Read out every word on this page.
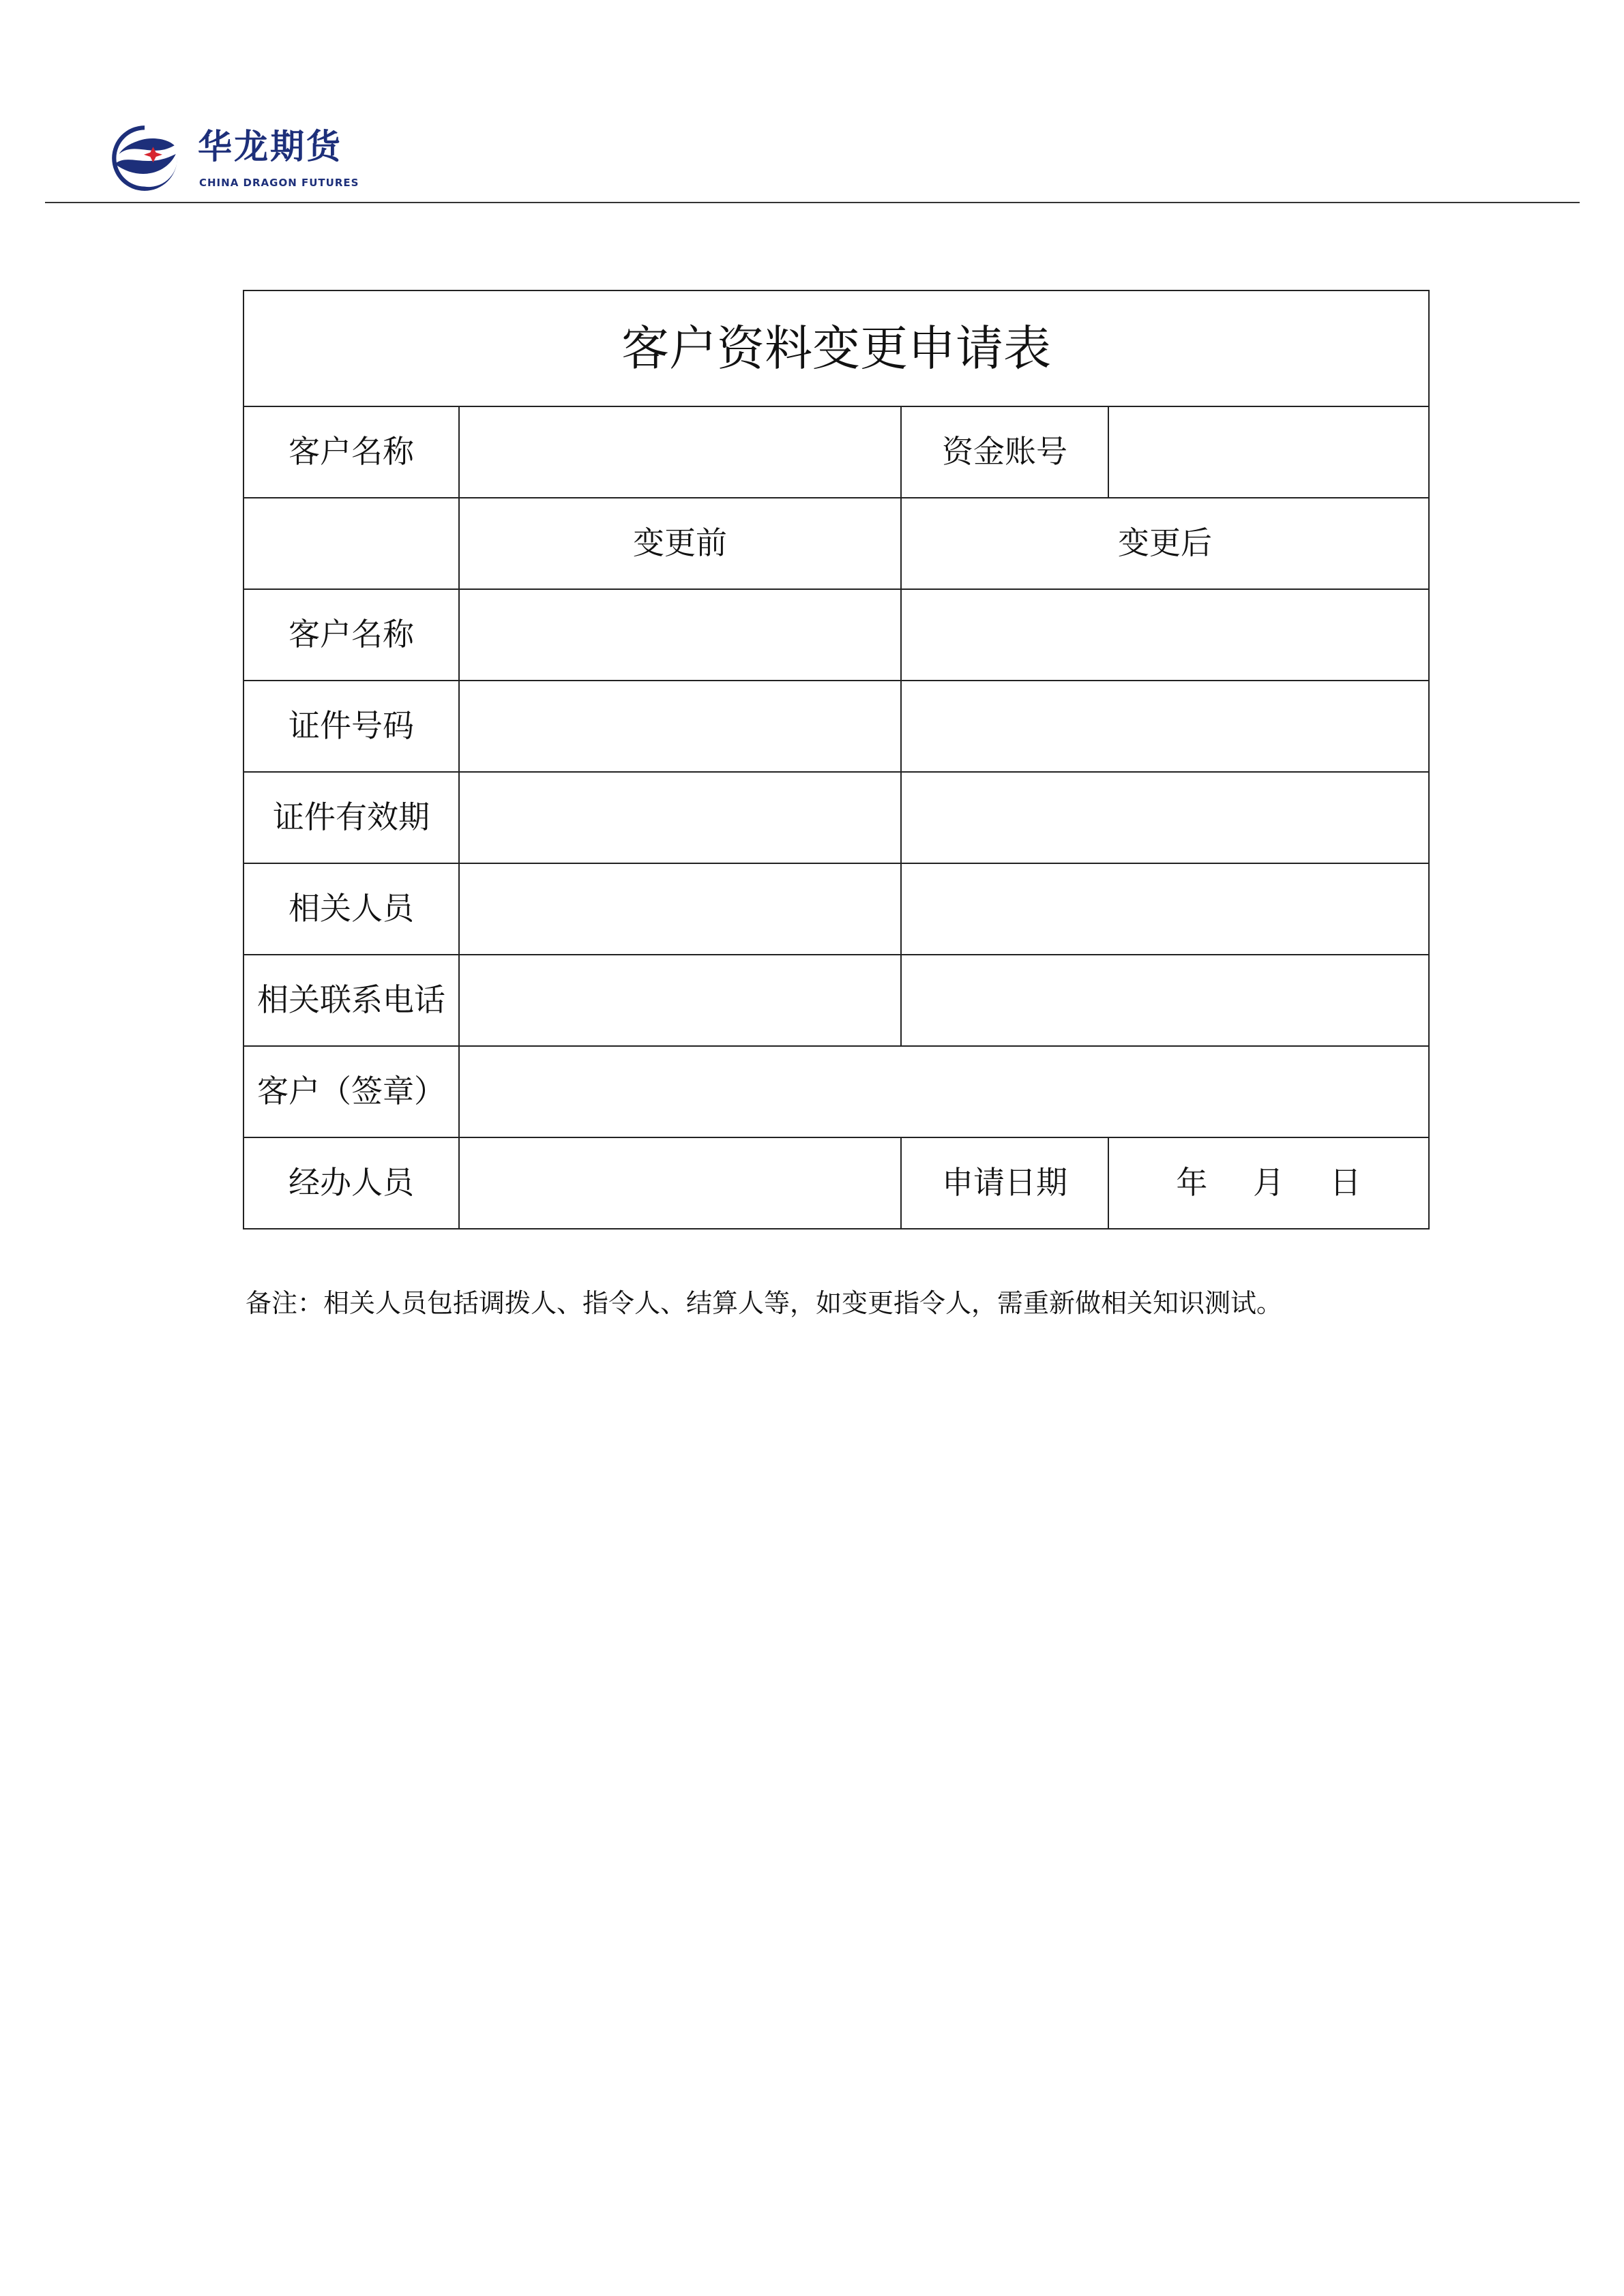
华龙期货
CHINA DRAGON FUTURES
客户资料变更申请表			
客户名称		资金账号	
	变更前	变更后	
客户名称			
证件号码			
证件有效期			
相关人员			
相关联系电话			
客户（签章）			
经办人员		申请日期	年 月 日
备注：相关人员包括调拨人、指令人、结算人等，如变更指令人，需重新做相关知识测试。
